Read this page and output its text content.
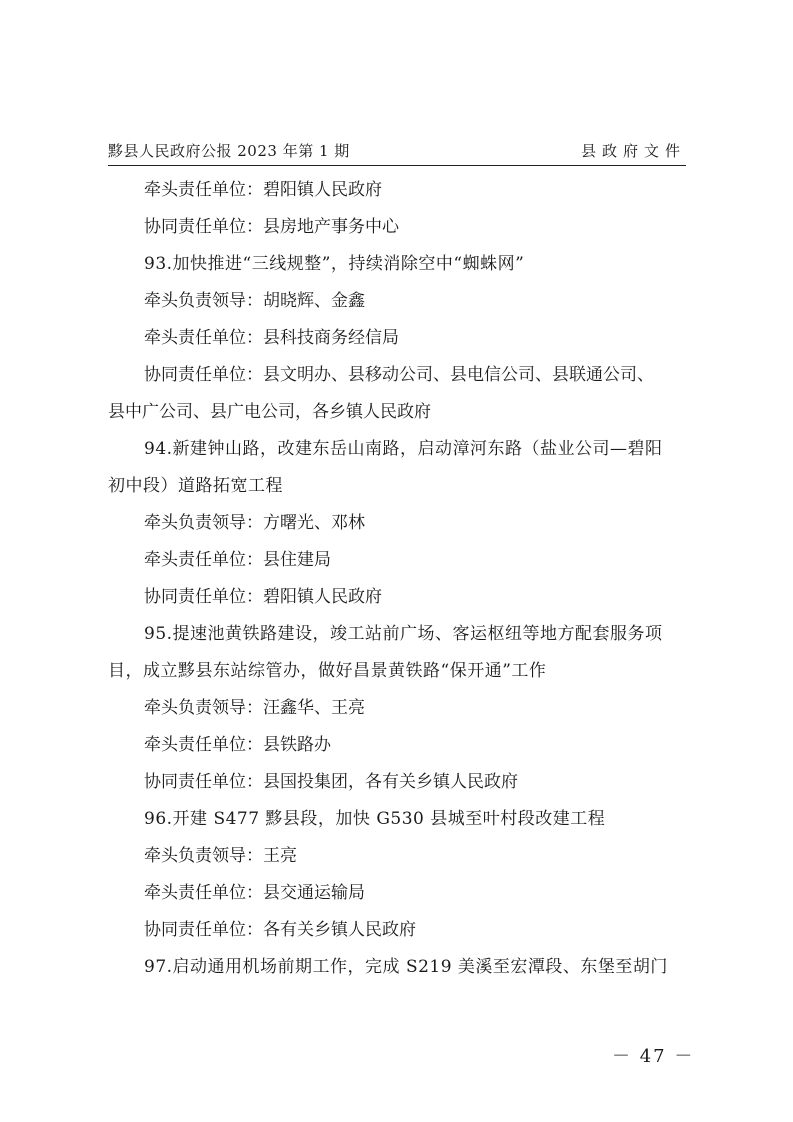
黟县人民政府公报 2023 年第 1 期	县政府文件
牵头责任单位：碧阳镇人民政府
协同责任单位：县房地产事务中心
93.加快推进“三线规整”，持续消除空中“蜘蛛网”
牵头负责领导：胡晓辉、金鑫
牵头责任单位：县科技商务经信局
协同责任单位：县文明办、县移动公司、县电信公司、县联通公司、
县中广公司、县广电公司，各乡镇人民政府
94.新建钟山路，改建东岳山南路，启动漳河东路（盐业公司—碧阳
初中段）道路拓宽工程
牵头负责领导：方曙光、邓林
牵头责任单位：县住建局
协同责任单位：碧阳镇人民政府
95.提速池黄铁路建设，竣工站前广场、客运枢纽等地方配套服务项
目，成立黟县东站综管办，做好昌景黄铁路“保开通”工作
牵头负责领导：汪鑫华、王亮
牵头责任单位：县铁路办
协同责任单位：县国投集团，各有关乡镇人民政府
96.开建 S477 黟县段，加快 G530 县城至叶村段改建工程
牵头负责领导：王亮
牵头责任单位：县交通运输局
协同责任单位：各有关乡镇人民政府
97.启动通用机场前期工作，完成 S219 美溪至宏潭段、东堡至胡门
－ 47 －
